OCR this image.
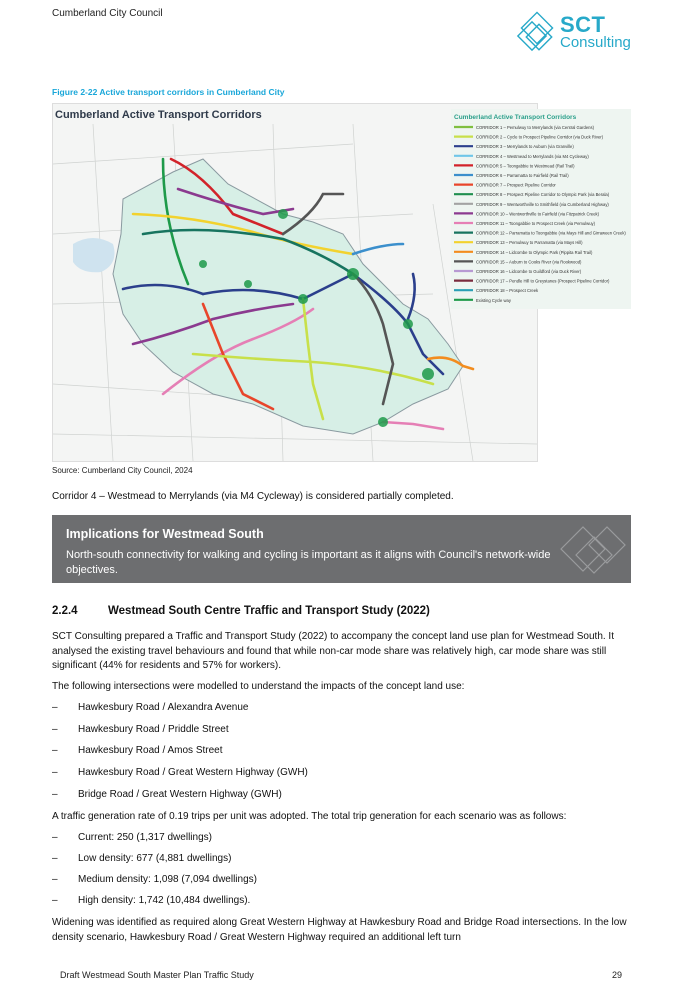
Cumberland City Council	SCT
Consulting
Figure 2-22 Active transport corridors in Cumberland City
Cumberland Active Transport Corridors	Cumberland Active Transport Corridors
CORRIDOR 1 – Pemulwuy to Merrylands (via Central Gardens)
CORRIDOR 2 – Cycle to Prospect Pipeline Corridor (via Duck River)
CORRIDOR 3 – Merrylands to Auburn (via Granville)
CORRIDOR 4 – Westmead to Merrylands (via M4 Cycleway)
CORRIDOR 5 – Toongabbie to Westmead (Rail Trail)
CORRIDOR 6 – Parramatta to Fairfield (Rail Trail)
CORRIDOR 7 – Prospect Pipeline Corridor
CORRIDOR 8 – Prospect Pipeline Corridor to Olympic Park (via Berala)
CORRIDOR 9 – Wentworthville to Smithfield (via Cumberland Highway)
CORRIDOR 10 – Wentworthville to Fairfield (via Fitzpatrick Creek)
CORRIDOR 11 – Toongabbie to Prospect Creek (via Pemulwuy)
CORRIDOR 12 – Parramatta to Toongabbie (via Mays Hill and Girraween Creek)
CORRIDOR 13 – Pemulwuy to Parramatta (via Mays Hill)
CORRIDOR 14 – Lidcombe to Olympic Park (Pippita Rail Trail)
CORRIDOR 15 – Auburn to Cooks River (via Rookwood)
CORRIDOR 16 – Lidcombe to Guildford (via Duck River)
CORRIDOR 17 – Pendle Hill to Greystanes (Prospect Pipeline Corridor)
CORRIDOR 18 – Prospect Creek
Existing Cycle way
Source: Cumberland City Council, 2024
Corridor 4 – Westmead to Merrylands (via M4 Cycleway) is considered partially completed.
Implications for Westmead South
North-south connectivity for walking and cycling is important as it aligns with Council's network-wide objectives.
2.2.4	Westmead South Centre Traffic and Transport Study (2022)
SCT Consulting prepared a Traffic and Transport Study (2022) to accompany the concept land use plan for Westmead South. It analysed the existing travel behaviours and found that while non-car mode share was relatively high, car mode share was still significant (44% for residents and 57% for workers).
The following intersections were modelled to understand the impacts of the concept land use:
– Hawkesbury Road / Alexandra Avenue
– Hawkesbury Road / Priddle Street
– Hawkesbury Road / Amos Street
– Hawkesbury Road / Great Western Highway (GWH)
– Bridge Road / Great Western Highway (GWH)
A traffic generation rate of 0.19 trips per unit was adopted. The total trip generation for each scenario was as follows:
– Current: 250 (1,317 dwellings)
– Low density: 677 (4,881 dwellings)
– Medium density: 1,098 (7,094 dwellings)
– High density: 1,742 (10,484 dwellings).
Widening was identified as required along Great Western Highway at Hawkesbury Road and Bridge Road intersections. In the low density scenario, Hawkesbury Road / Great Western Highway required an additional left turn
Draft Westmead South Master Plan Traffic Study	29
